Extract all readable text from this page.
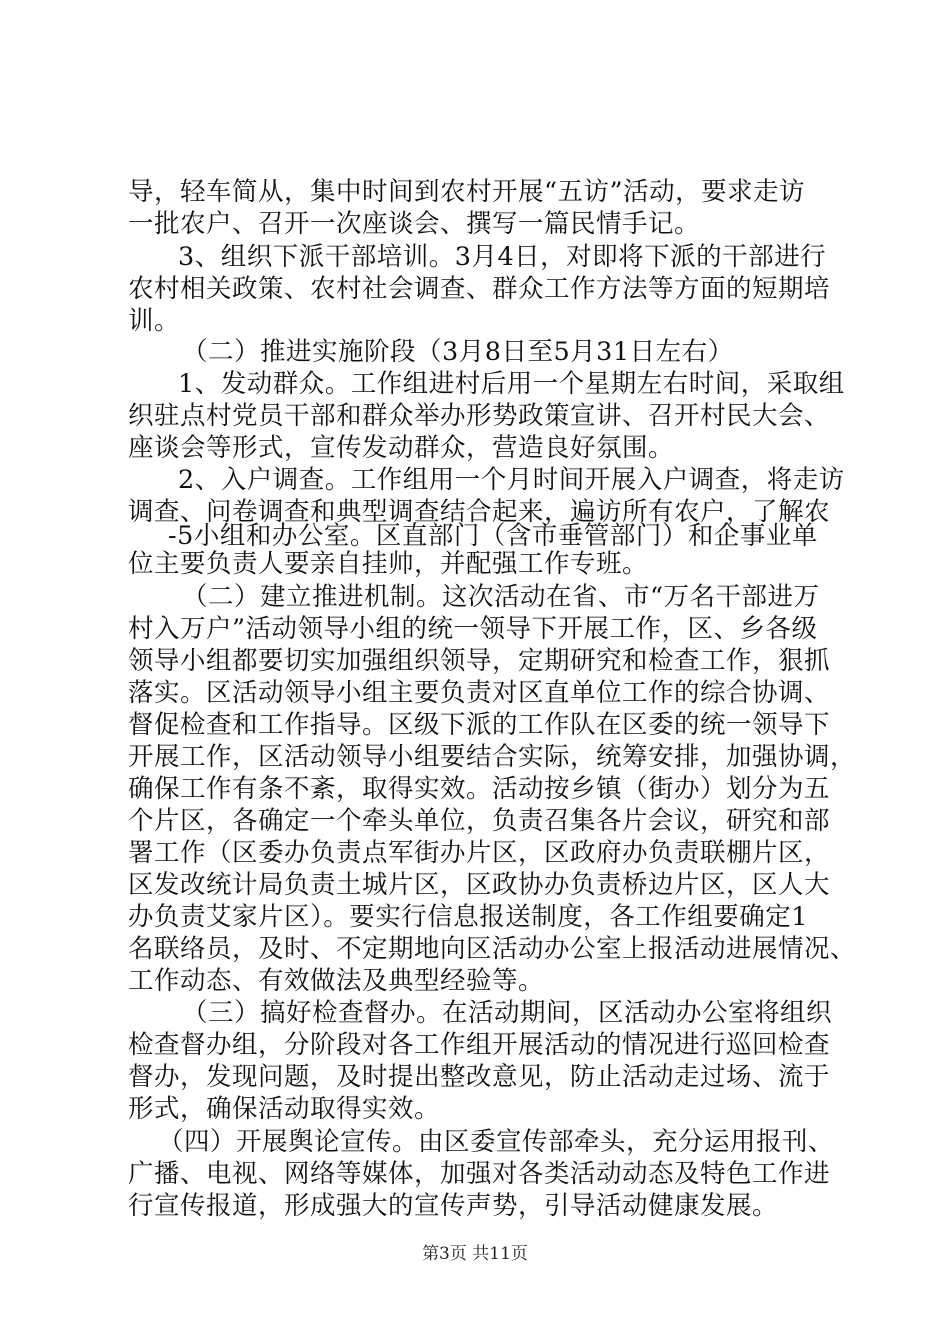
导，轻车简从，集中时间到农村开展“五访”活动，要求走访
一批农户、召开一次座谈会、撰写一篇民情手记。
3、组织下派干部培训。3月4日，对即将下派的干部进行
农村相关政策、农村社会调查、群众工作方法等方面的短期培
训。
（二）推进实施阶段（3月8日至5月31日左右）
1、发动群众。工作组进村后用一个星期左右时间，采取组
织驻点村党员干部和群众举办形势政策宣讲、召开村民大会、
座谈会等形式，宣传发动群众，营造良好氛围。
2、入户调查。工作组用一个月时间开展入户调查，将走访
调查、问卷调查和典型调查结合起来，遍访所有农户，了解农
-5小组和办公室。区直部门（含市垂管部门）和企事业单
位主要负责人要亲自挂帅，并配强工作专班。
（二）建立推进机制。这次活动在省、市“万名干部进万
村入万户”活动领导小组的统一领导下开展工作，区、乡各级
领导小组都要切实加强组织领导，定期研究和检查工作，狠抓
落实。区活动领导小组主要负责对区直单位工作的综合协调、
督促检查和工作指导。区级下派的工作队在区委的统一领导下
开展工作，区活动领导小组要结合实际，统筹安排，加强协调，
确保工作有条不紊，取得实效。活动按乡镇（街办）划分为五
个片区，各确定一个牵头单位，负责召集各片会议，研究和部
署工作（区委办负责点军街办片区，区政府办负责联棚片区，
区发改统计局负责土城片区，区政协办负责桥边片区，区人大
办负责艾家片区）。要实行信息报送制度，各工作组要确定1
名联络员，及时、不定期地向区活动办公室上报活动进展情况、
工作动态、有效做法及典型经验等。
（三）搞好检查督办。在活动期间，区活动办公室将组织
检查督办组，分阶段对各工作组开展活动的情况进行巡回检查
督办，发现问题，及时提出整改意见，防止活动走过场、流于
形式，确保活动取得实效。
（四）开展舆论宣传。由区委宣传部牵头，充分运用报刊、
广播、电视、网络等媒体，加强对各类活动动态及特色工作进
行宣传报道，形成强大的宣传声势，引导活动健康发展。
第3页 共11页
